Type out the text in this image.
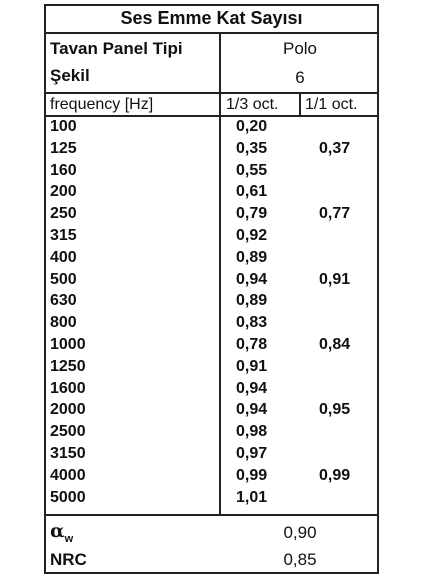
Ses Emme Kat Sayısı
Tavan Panel Tipi	Polo
Şekil	6
frequency [Hz]	1/3 oct. 1/1 oct.
100	0,20
125	0,35	0,37
160	0,55
200	0,61
250	0,79	0,77
315	0,92
400	0,89
500	0,94	0,91
630	0,89
800	0,83
1000	0,78	0,84
1250	0,91
1600	0,94
2000	0,94	0,95
2500	0,98
3150	0,97
4000	0,99	0,99
5000	1,01
$\alpha_w$	0,90
NRC	0,85
